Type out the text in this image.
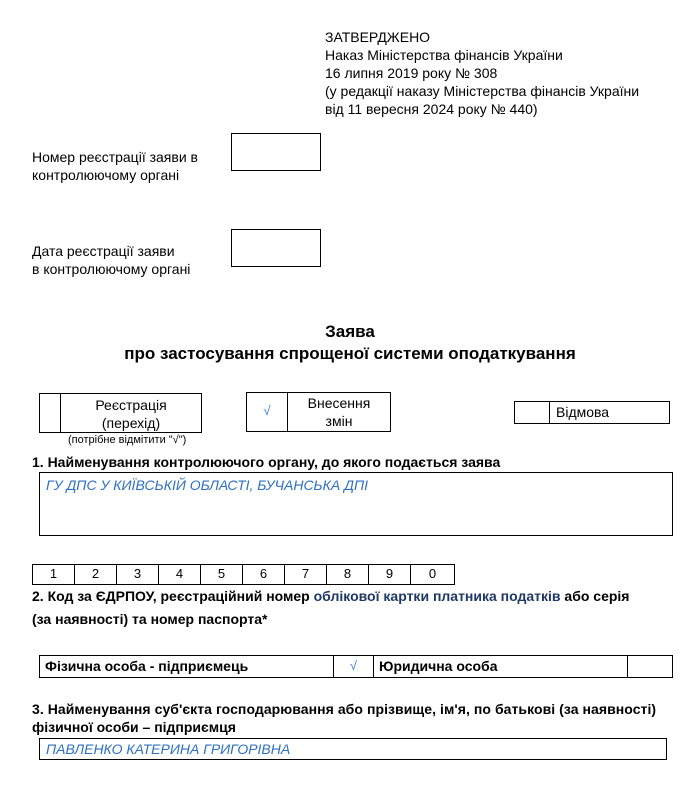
ЗАТВЕРДЖЕНО
Наказ Міністерства фінансів України
16 липня 2019 року № 308
(у редакції наказу Міністерства фінансів України
від 11 вересня 2024 року № 440)
Номер реєстрації заяви в
контролюючому органі
Дата реєстрації заяви
в контролюючому органі
Заява
про застосування спрощеної системи оподаткування
Реєстрація
(перехід)
(потрібне відмітити "√")
√	Внесення
змін
Відмова
1. Найменування контролюючого органу, до якого подається заява
ГУ ДПС У КИЇВСЬКІЙ ОБЛАСТІ, БУЧАНСЬКА ДПІ
1	2	3	4	5	6	7	8	9	0
2. Код за ЄДРПОУ, реєстраційний номер облікової картки платника податків або серія
(за наявності) та номер паспорта*
Фізична особа - підприємець	√	Юридична особа
3. Найменування суб'єкта господарювання або прізвище, ім'я, по батькові (за наявності)
фізичної особи – підприємця
ПАВЛЕНКО КАТЕРИНА ГРИГОРІВНА
